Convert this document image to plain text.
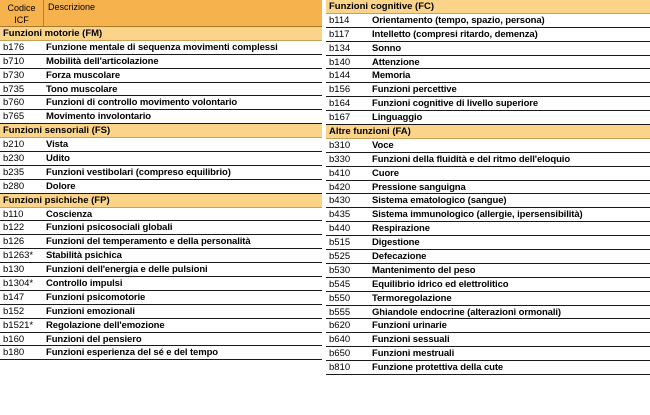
Codice ICF
Descrizione
Funzioni motorie (FM)
b176	Funzione mentale di sequenza movimenti complessi
b710	Mobilità dell'articolazione
b730	Forza muscolare
b735	Tono muscolare
b760	Funzioni di controllo movimento volontario
b765	Movimento involontario
Funzioni sensoriali (FS)
b210	Vista
b230	Udito
b235	Funzioni vestibolari (compreso equilibrio)
b280	Dolore
Funzioni psichiche (FP)
b110	Coscienza
b122	Funzioni psicosociali globali
b126	Funzioni del temperamento e della personalità
b1263*	Stabilità psichica
b130	Funzioni dell'energia e delle pulsioni
b1304*	Controllo impulsi
b147	Funzioni psicomotorie
b152	Funzioni emozionali
b1521*	Regolazione dell'emozione
b160	Funzioni del pensiero
b180	Funzioni esperienza del sé e del tempo
Funzioni cognitive (FC)
b114	Orientamento (tempo, spazio, persona)
b117	Intelletto (compresi ritardo, demenza)
b134	Sonno
b140	Attenzione
b144	Memoria
b156	Funzioni percettive
b164	Funzioni cognitive di livello superiore
b167	Linguaggio
Altre funzioni (FA)
b310	Voce
b330	Funzioni della fluidità e del ritmo dell'eloquio
b410	Cuore
b420	Pressione sanguigna
b430	Sistema ematologico (sangue)
b435	Sistema immunologico (allergie, ipersensibilità)
b440	Respirazione
b515	Digestione
b525	Defecazione
b530	Mantenimento del peso
b545	Equilibrio idrico ed elettrolitico
b550	Termoregolazione
b555	Ghiandole endocrine (alterazioni ormonali)
b620	Funzioni urinarie
b640	Funzioni sessuali
b650	Funzioni mestruali
b810	Funzione protettiva della cute
